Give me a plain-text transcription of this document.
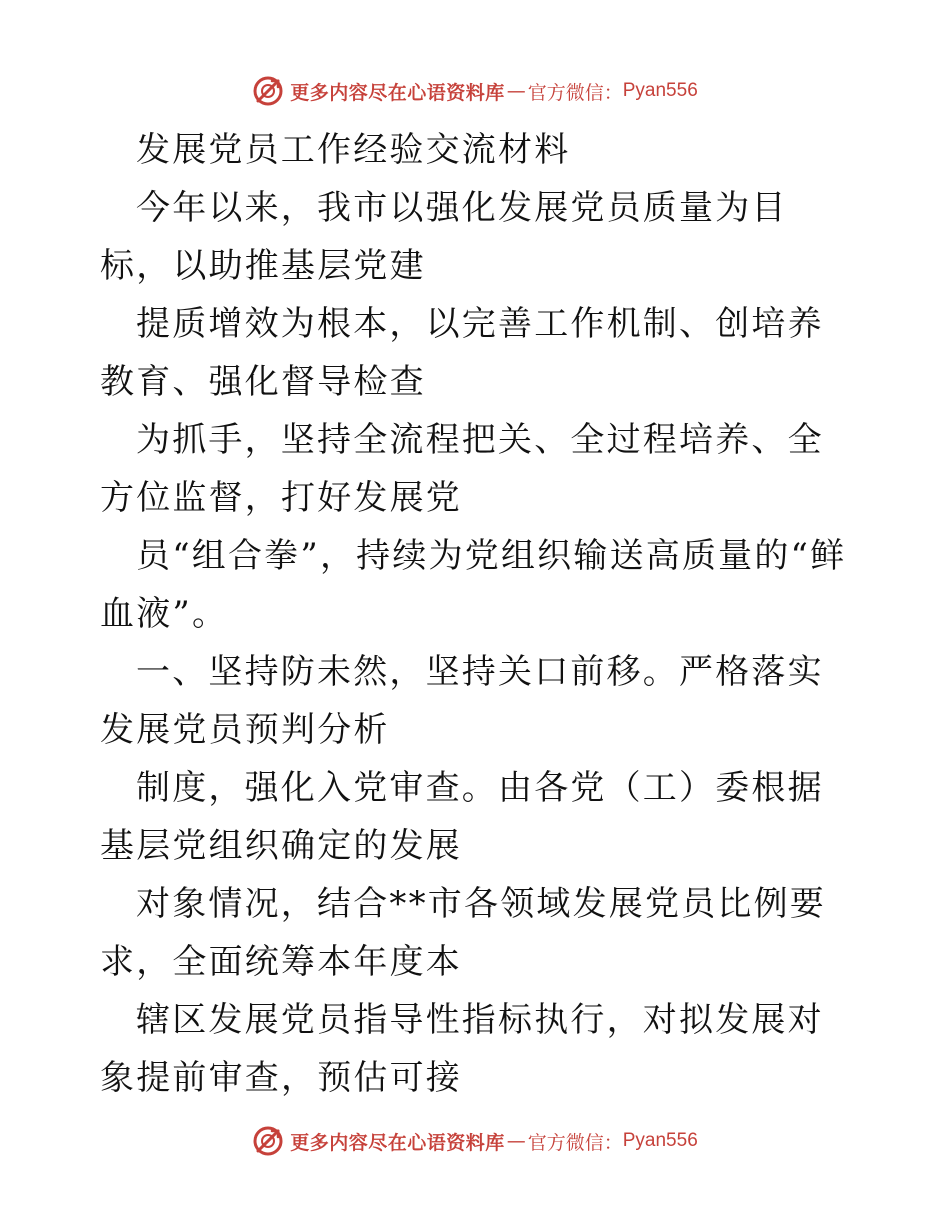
更多内容尽在心语资料库 — 官方微信： Pyan556

发展党员工作经验交流材料

今年以来，我市以强化发展党员质量为目标，以助推基层党建

提质增效为根本，以完善工作机制、创培养教育、强化督导检查

为抓手，坚持全流程把关、全过程培养、全方位监督，打好发展党

员“组合拳”，持续为党组织输送高质量的“鲜血液”。

一、坚持防未然，坚持关口前移。严格落实发展党员预判分析

制度，强化入党审查。由各党（工）委根据基层党组织确定的发展

对象情况，结合**市各领域发展党员比例要求，全面统筹本年度本

辖区发展党员指导性指标执行，对拟发展对象提前审查，预估可接

更多内容尽在心语资料库 — 官方微信： Pyan556
